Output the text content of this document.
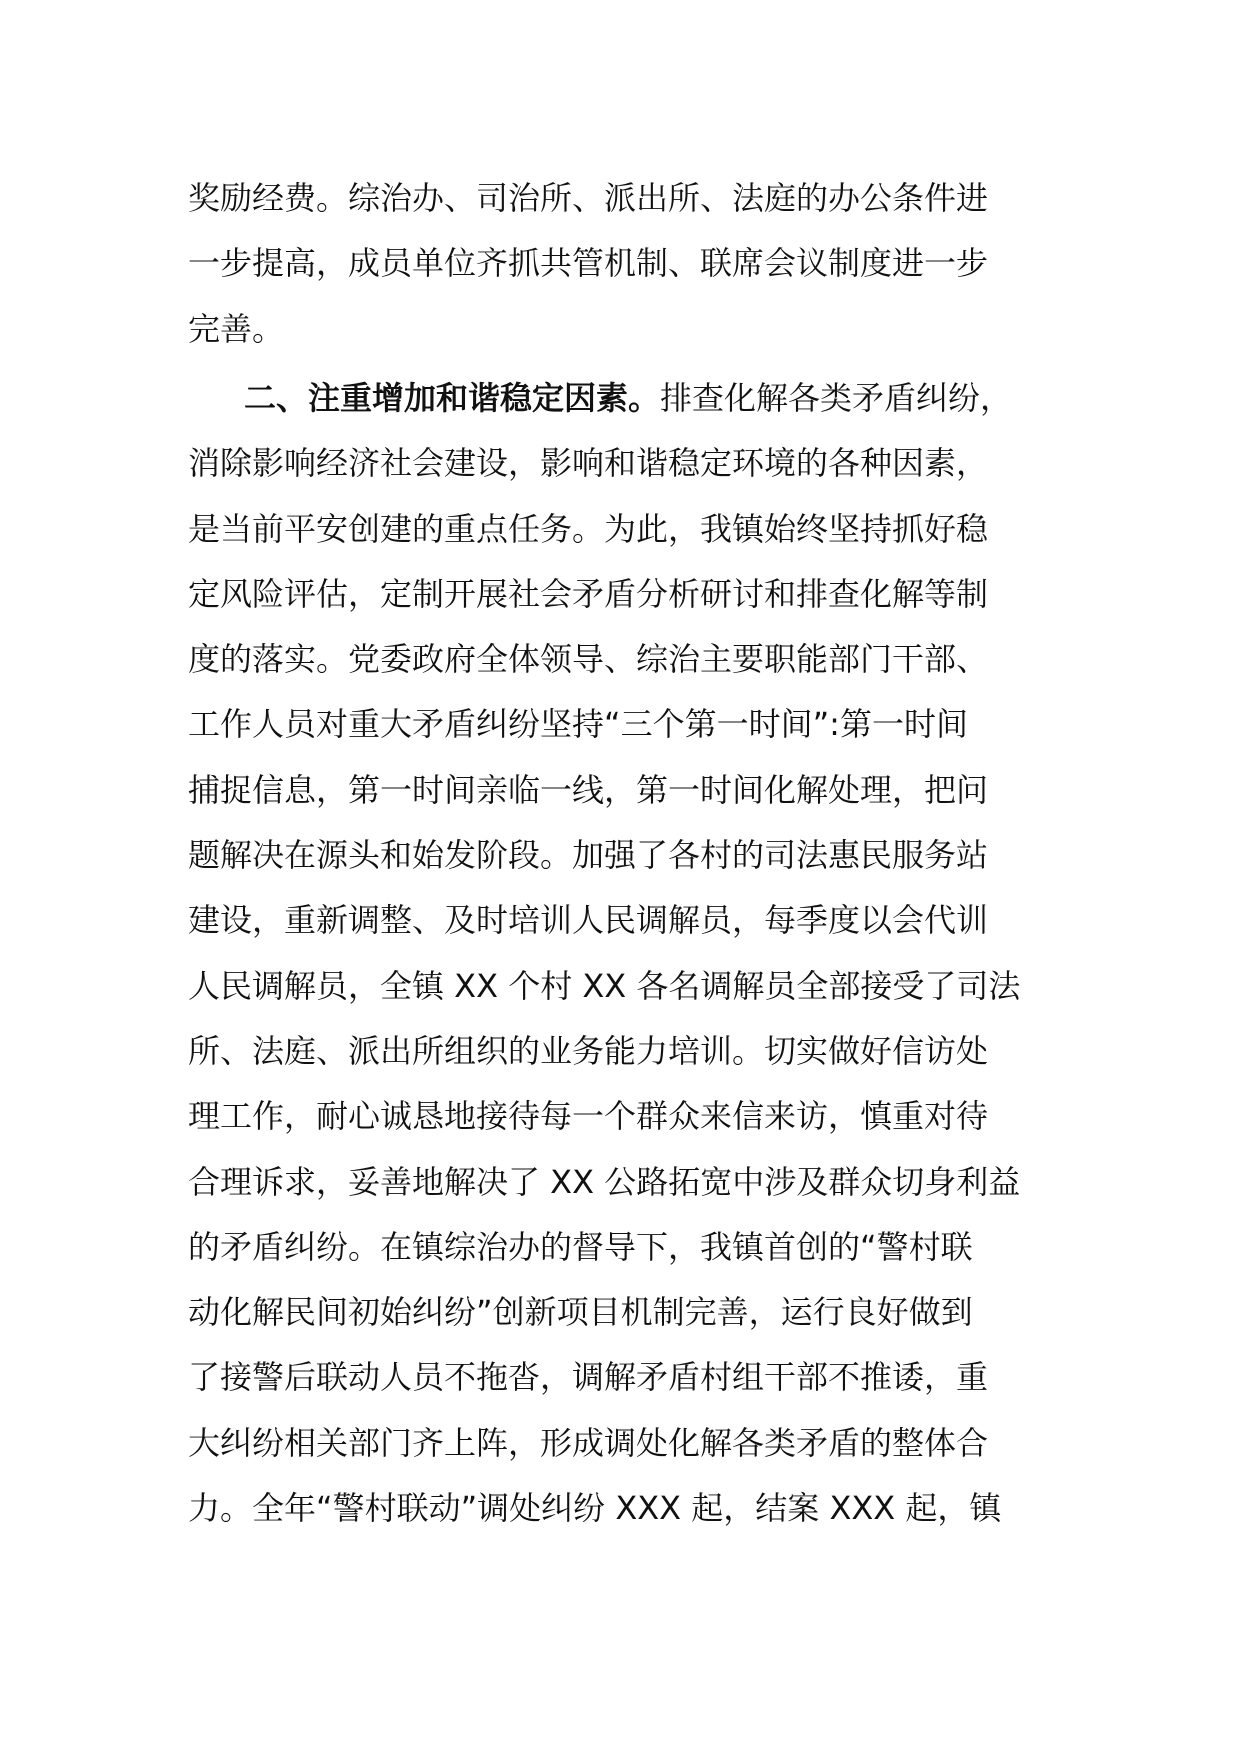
奖励经费。综治办、司治所、派出所、法庭的办公条件进
一步提高，成员单位齐抓共管机制、联席会议制度进一步
完善。
二、注重增加和谐稳定因素。排查化解各类矛盾纠纷，
消除影响经济社会建设，影响和谐稳定环境的各种因素，
是当前平安创建的重点任务。为此，我镇始终坚持抓好稳
定风险评估，定制开展社会矛盾分析研讨和排查化解等制
度的落实。党委政府全体领导、综治主要职能部门干部、
工作人员对重大矛盾纠纷坚持“三个第一时间”:第一时间
捕捉信息，第一时间亲临一线，第一时间化解处理，把问
题解决在源头和始发阶段。加强了各村的司法惠民服务站
建设，重新调整、及时培训人民调解员，每季度以会代训
人民调解员，全镇 XX 个村 XX 各名调解员全部接受了司法
所、法庭、派出所组织的业务能力培训。切实做好信访处
理工作，耐心诚恳地接待每一个群众来信来访，慎重对待
合理诉求，妥善地解决了 XX 公路拓宽中涉及群众切身利益
的矛盾纠纷。在镇综治办的督导下，我镇首创的“警村联
动化解民间初始纠纷”创新项目机制完善，运行良好做到
了接警后联动人员不拖沓，调解矛盾村组干部不推诿，重
大纠纷相关部门齐上阵，形成调处化解各类矛盾的整体合
力。全年“警村联动”调处纠纷 XXX 起，结案 XXX 起，镇
